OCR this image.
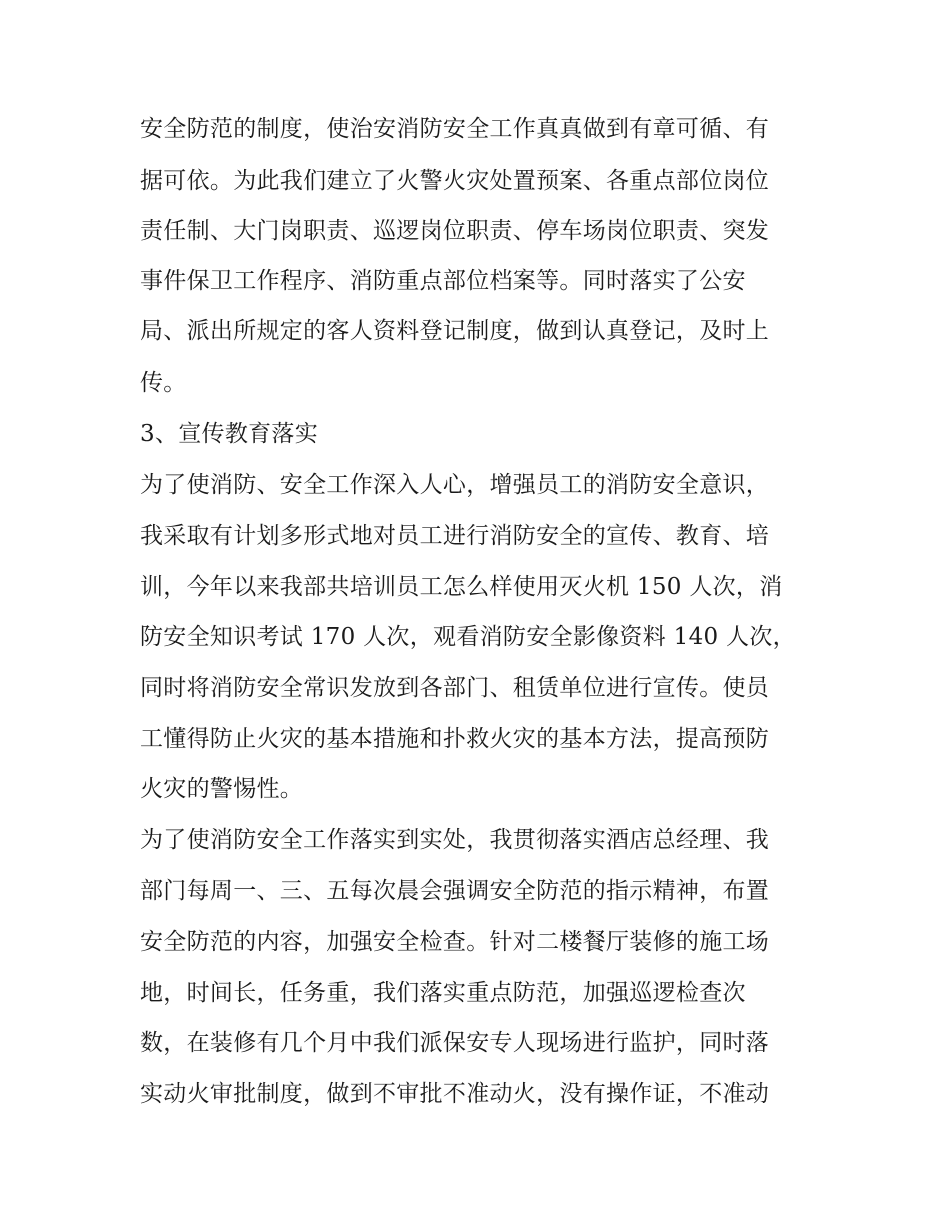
安全防范的制度，使治安消防安全工作真真做到有章可循、有
据可依。为此我们建立了火警火灾处置预案、各重点部位岗位
责任制、大门岗职责、巡逻岗位职责、停车场岗位职责、突发
事件保卫工作程序、消防重点部位档案等。同时落实了公安
局、派出所规定的客人资料登记制度，做到认真登记，及时上
传。
3、宣传教育落实
为了使消防、安全工作深入人心，增强员工的消防安全意识，
我采取有计划多形式地对员工进行消防安全的宣传、教育、培
训，今年以来我部共培训员工怎么样使用灭火机 150 人次，消
防安全知识考试 170 人次，观看消防安全影像资料 140 人次，
同时将消防安全常识发放到各部门、租赁单位进行宣传。使员
工懂得防止火灾的基本措施和扑救火灾的基本方法，提高预防
火灾的警惕性。
为了使消防安全工作落实到实处，我贯彻落实酒店总经理、我
部门每周一、三、五每次晨会强调安全防范的指示精神，布置
安全防范的内容，加强安全检查。针对二楼餐厅装修的施工场
地，时间长，任务重，我们落实重点防范，加强巡逻检查次
数，在装修有几个月中我们派保安专人现场进行监护，同时落
实动火审批制度，做到不审批不准动火，没有操作证，不准动
